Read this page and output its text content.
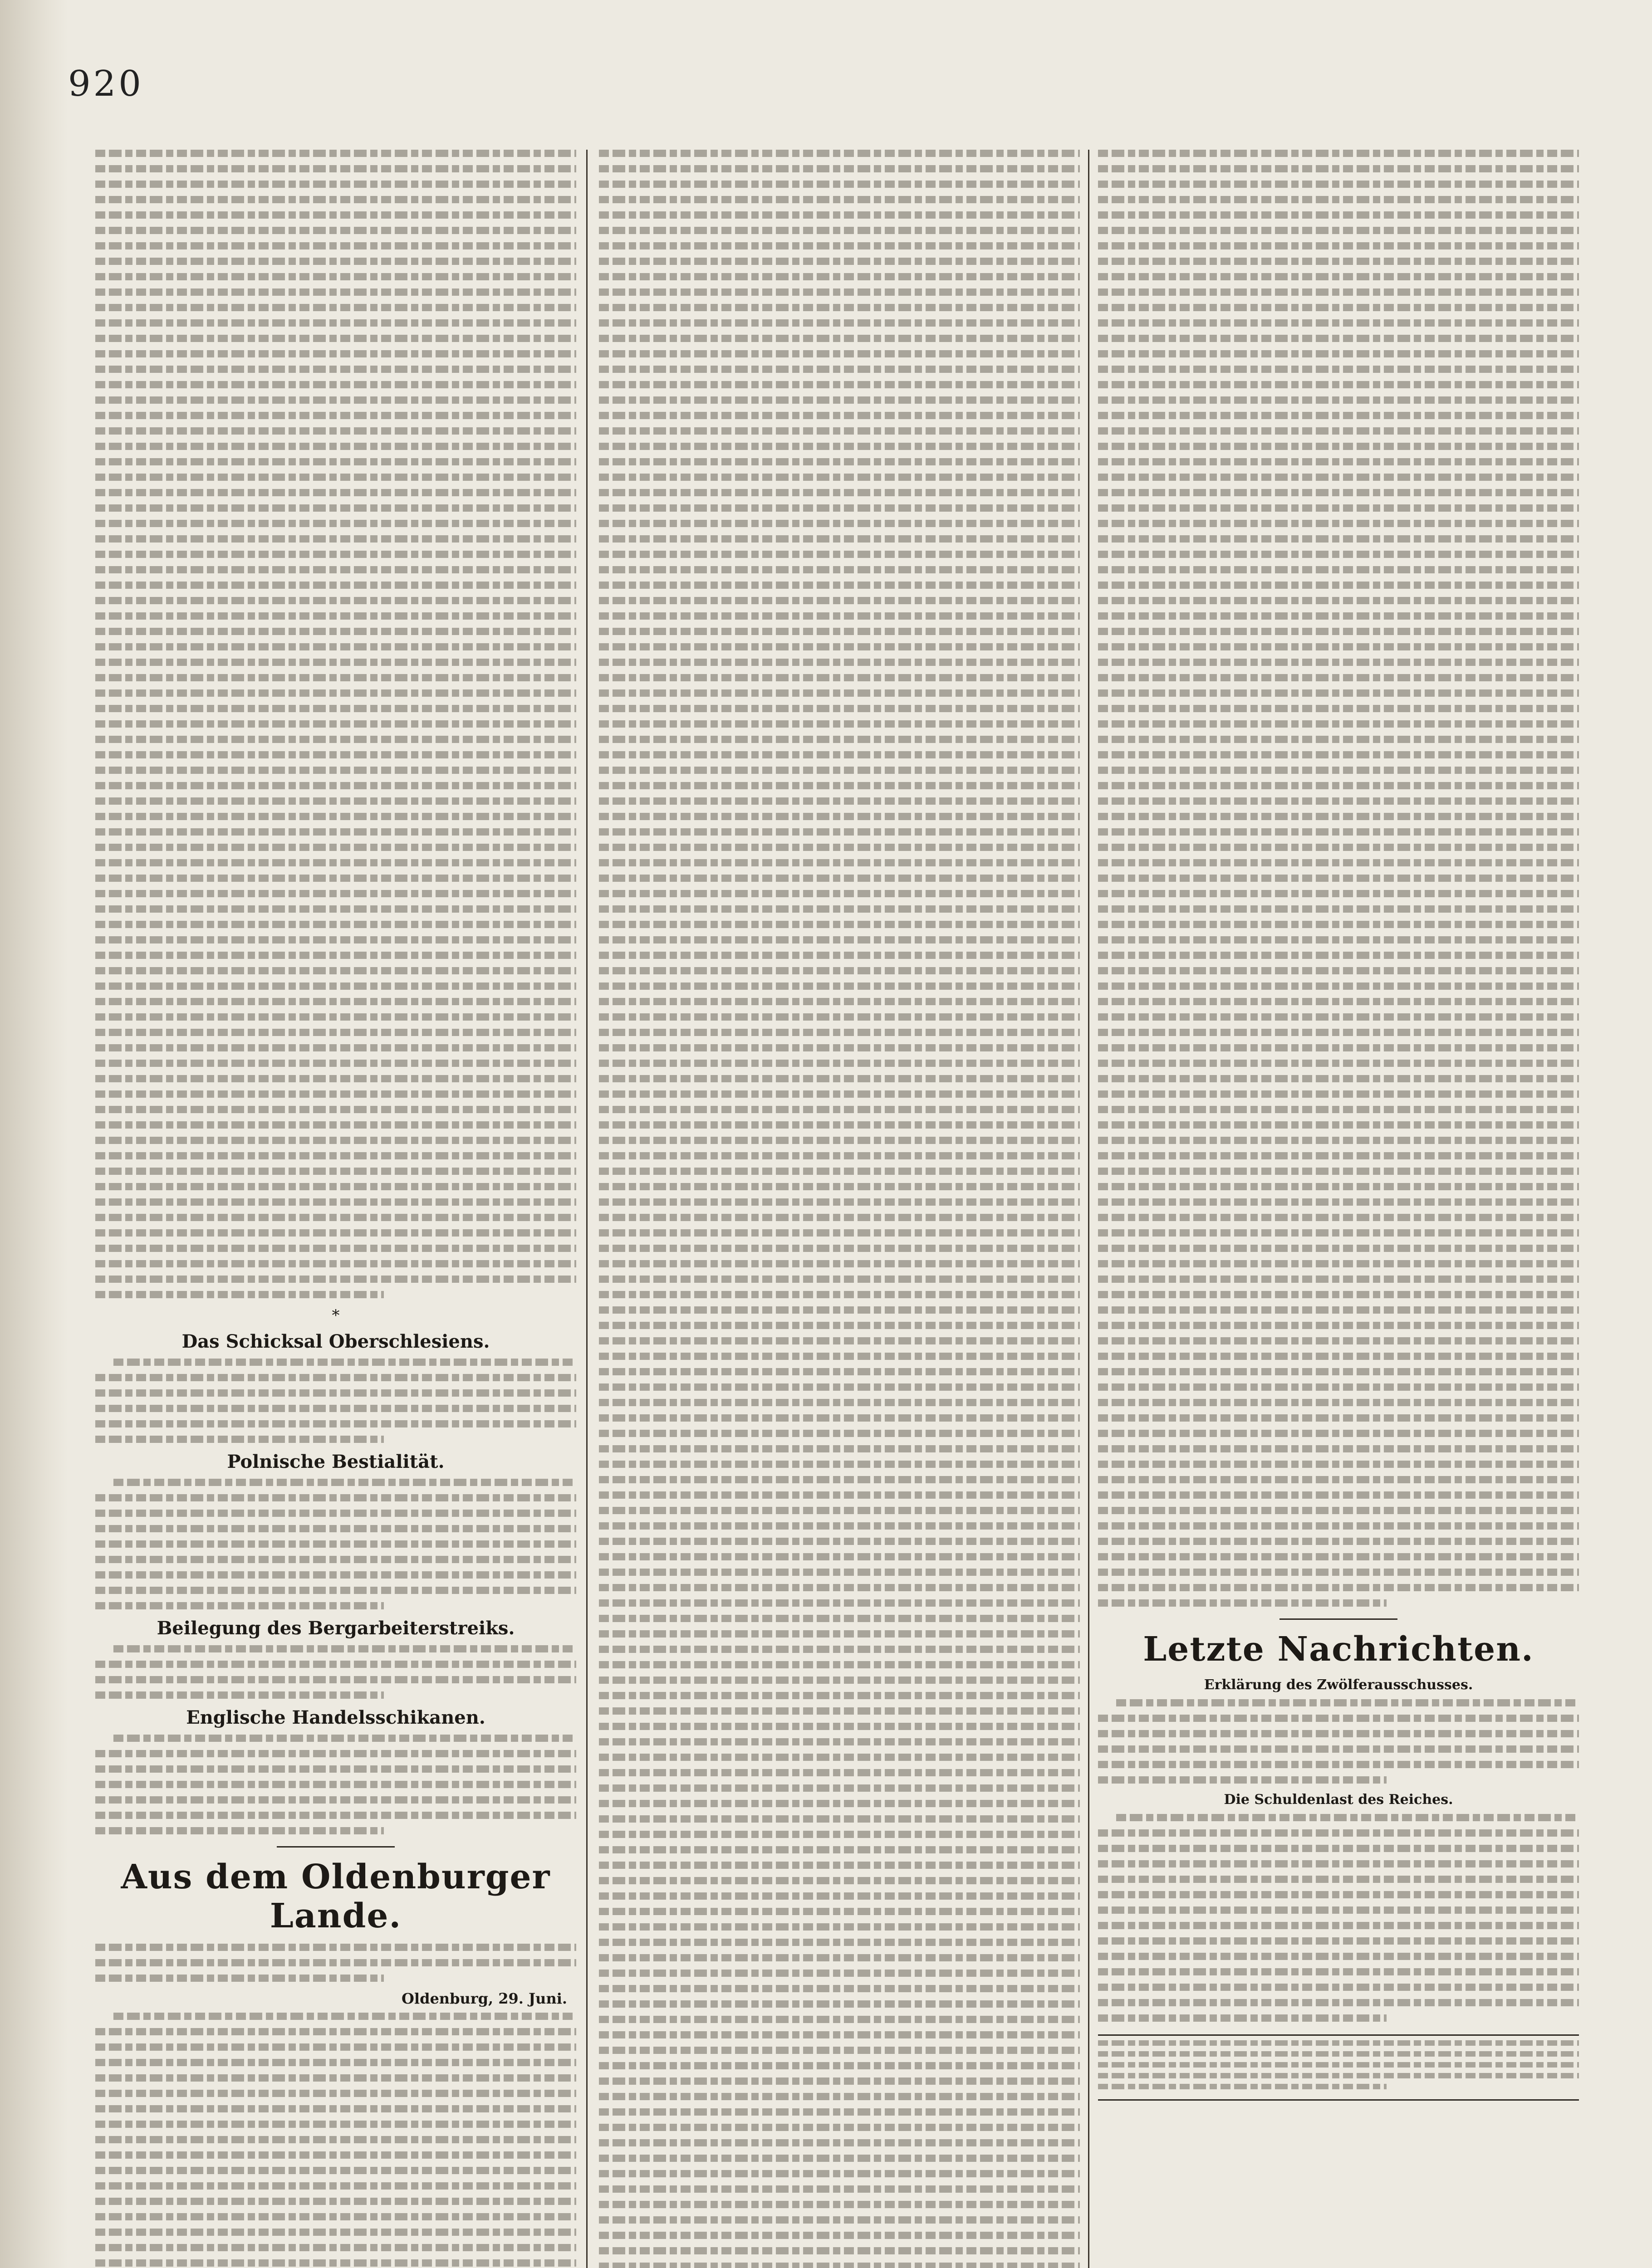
920
*
Das Schicksal Oberschlesiens.
Polnische Bestialität.
Beilegung des Bergarbeiterstreiks.
Englische Handelsschikanen.
Aus dem Oldenburger Lande.
Oldenburg, 29. Juni.
Letzte Nachrichten.
Erklärung des Zwölferausschusses.
Die Schuldenlast des Reiches.
